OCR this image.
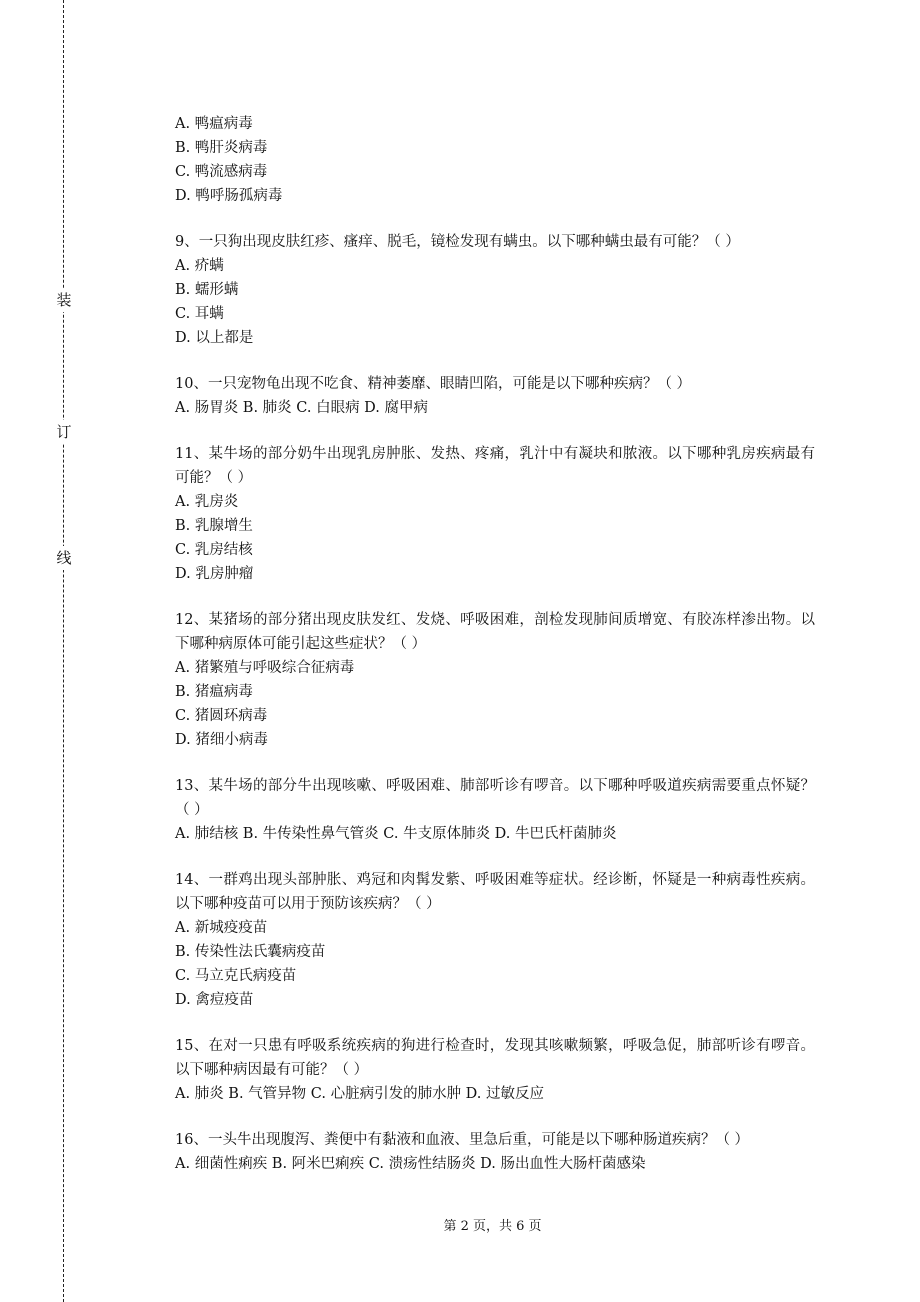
装
订
线

A. 鸭瘟病毒

B. 鸭肝炎病毒

C. 鸭流感病毒

D. 鸭呼肠孤病毒

9、一只狗出现皮肤红疹、瘙痒、脱毛，镜检发现有螨虫。以下哪种螨虫最有可能？（ ）

A. 疥螨

B. 蠕形螨

C. 耳螨

D. 以上都是

10、一只宠物龟出现不吃食、精神萎靡、眼睛凹陷，可能是以下哪种疾病？（ ）

A. 肠胃炎 B. 肺炎 C. 白眼病 D. 腐甲病

11、某牛场的部分奶牛出现乳房肿胀、发热、疼痛，乳汁中有凝块和脓液。以下哪种乳房疾病最有可能？（ ）

A. 乳房炎

B. 乳腺增生

C. 乳房结核

D. 乳房肿瘤

12、某猪场的部分猪出现皮肤发红、发烧、呼吸困难，剖检发现肺间质增宽、有胶冻样渗出物。以下哪种病原体可能引起这些症状？（ ）

A. 猪繁殖与呼吸综合征病毒

B. 猪瘟病毒

C. 猪圆环病毒

D. 猪细小病毒

13、某牛场的部分牛出现咳嗽、呼吸困难、肺部听诊有啰音。以下哪种呼吸道疾病需要重点怀疑？（ ）

A. 肺结核 B. 牛传染性鼻气管炎 C. 牛支原体肺炎 D. 牛巴氏杆菌肺炎

14、一群鸡出现头部肿胀、鸡冠和肉髯发紫、呼吸困难等症状。经诊断，怀疑是一种病毒性疾病。以下哪种疫苗可以用于预防该疾病？（ ）

A. 新城疫疫苗

B. 传染性法氏囊病疫苗

C. 马立克氏病疫苗

D. 禽痘疫苗

15、在对一只患有呼吸系统疾病的狗进行检查时，发现其咳嗽频繁，呼吸急促，肺部听诊有啰音。以下哪种病因最有可能？（ ）

A. 肺炎 B. 气管异物 C. 心脏病引发的肺水肿 D. 过敏反应

16、一头牛出现腹泻、粪便中有黏液和血液、里急后重，可能是以下哪种肠道疾病？（ ）

A. 细菌性痢疾 B. 阿米巴痢疾 C. 溃疡性结肠炎 D. 肠出血性大肠杆菌感染

第 2 页，共 6 页
